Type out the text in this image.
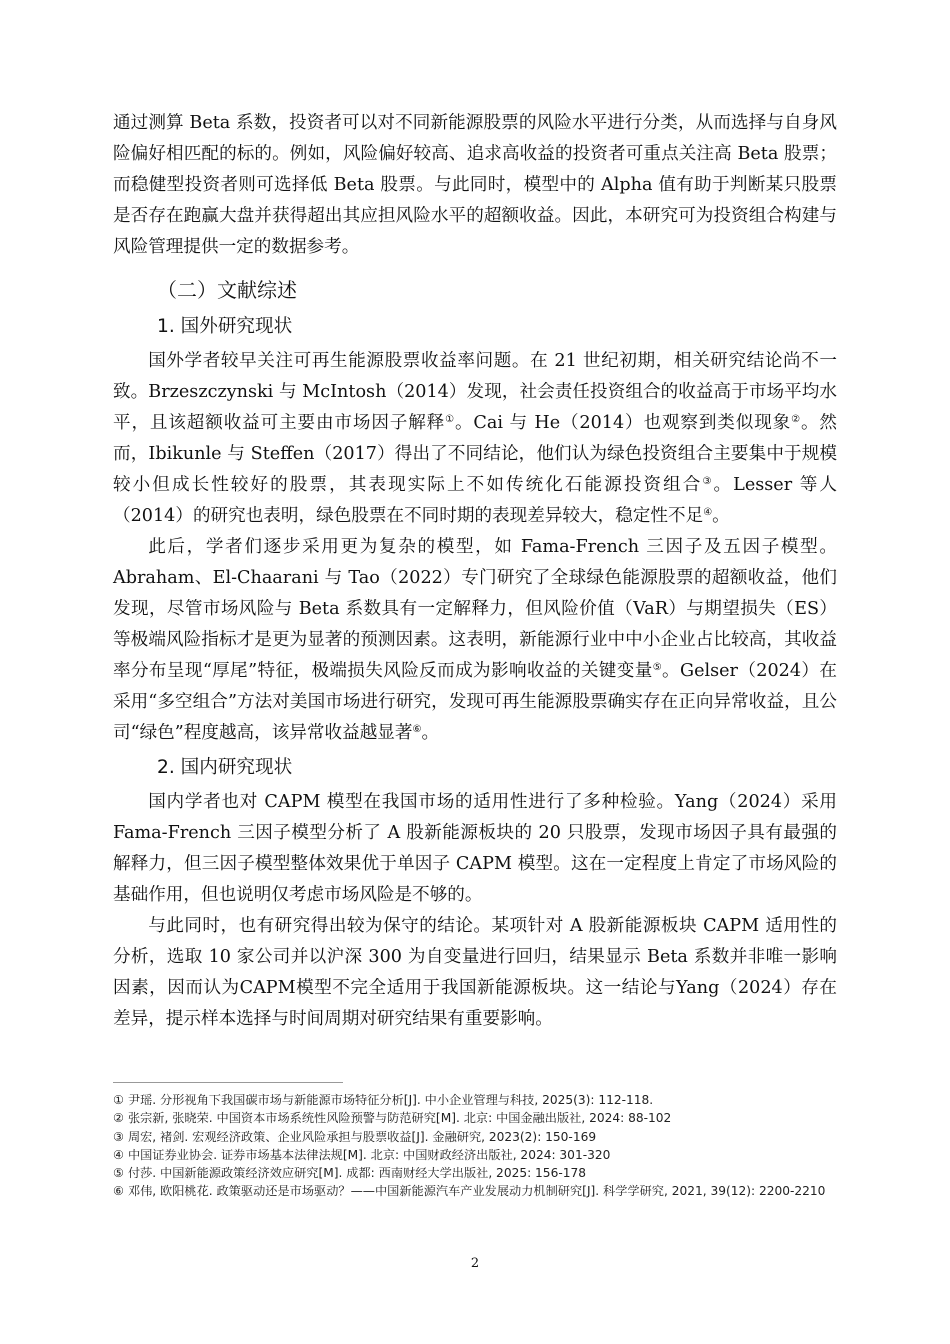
通过测算 Beta 系数，投资者可以对不同新能源股票的风险水平进行分类，从而选择与自身风险偏好相匹配的标的。例如，风险偏好较高、追求高收益的投资者可重点关注高 Beta 股票；而稳健型投资者则可选择低 Beta 股票。与此同时，模型中的 Alpha 值有助于判断某只股票是否存在跑赢大盘并获得超出其应担风险水平的超额收益。因此，本研究可为投资组合构建与风险管理提供一定的数据参考。

（二）文献综述
1. 国外研究现状

国外学者较早关注可再生能源股票收益率问题。在 21 世纪初期，相关研究结论尚不一致。Brzeszczynski 与 McIntosh（2014）发现，社会责任投资组合的收益高于市场平均水平，且该超额收益可主要由市场因子解释①。Cai 与 He（2014）也观察到类似现象②。然而，Ibikunle 与 Steffen（2017）得出了不同结论，他们认为绿色投资组合主要集中于规模较小但成长性较好的股票，其表现实际上不如传统化石能源投资组合③。Lesser 等人（2014）的研究也表明，绿色股票在不同时期的表现差异较大，稳定性不足④。

此后，学者们逐步采用更为复杂的模型，如 Fama-French 三因子及五因子模型。Abraham、El-Chaarani 与 Tao（2022）专门研究了全球绿色能源股票的超额收益，他们发现，尽管市场风险与 Beta 系数具有一定解释力，但风险价值（VaR）与期望损失（ES）等极端风险指标才是更为显著的预测因素。这表明，新能源行业中中小企业占比较高，其收益率分布呈现“厚尾”特征，极端损失风险反而成为影响收益的关键变量⑤。Gelser（2024）在采用“多空组合”方法对美国市场进行研究，发现可再生能源股票确实存在正向异常收益，且公司“绿色”程度越高，该异常收益越显著⑥。

2. 国内研究现状

国内学者也对 CAPM 模型在我国市场的适用性进行了多种检验。Yang（2024）采用 Fama-French 三因子模型分析了 A 股新能源板块的 20 只股票，发现市场因子具有最强的解释力，但三因子模型整体效果优于单因子 CAPM 模型。这在一定程度上肯定了市场风险的基础作用，但也说明仅考虑市场风险是不够的。

与此同时，也有研究得出较为保守的结论。某项针对 A 股新能源板块 CAPM 适用性的分析，选取 10 家公司并以沪深 300 为自变量进行回归，结果显示 Beta 系数并非唯一影响因素，因而认为CAPM模型不完全适用于我国新能源板块。这一结论与Yang（2024）存在差异，提示样本选择与时间周期对研究结果有重要影响。

① 尹瑶. 分形视角下我国碳市场与新能源市场特征分析[J]. 中小企业管理与科技, 2025(3): 112-118.
② 张宗新, 张晓荣. 中国资本市场系统性风险预警与防范研究[M]. 北京: 中国金融出版社, 2024: 88-102
③ 周宏, 褚剑. 宏观经济政策、企业风险承担与股票收益[J]. 金融研究, 2023(2): 150-169
④ 中国证券业协会. 证券市场基本法律法规[M]. 北京: 中国财政经济出版社, 2024: 301-320
⑤ 付莎. 中国新能源政策经济效应研究[M]. 成都: 西南财经大学出版社, 2025: 156-178
⑥ 邓伟, 欧阳桃花. 政策驱动还是市场驱动？——中国新能源汽车产业发展动力机制研究[J]. 科学学研究, 2021, 39(12): 2200-2210
2
